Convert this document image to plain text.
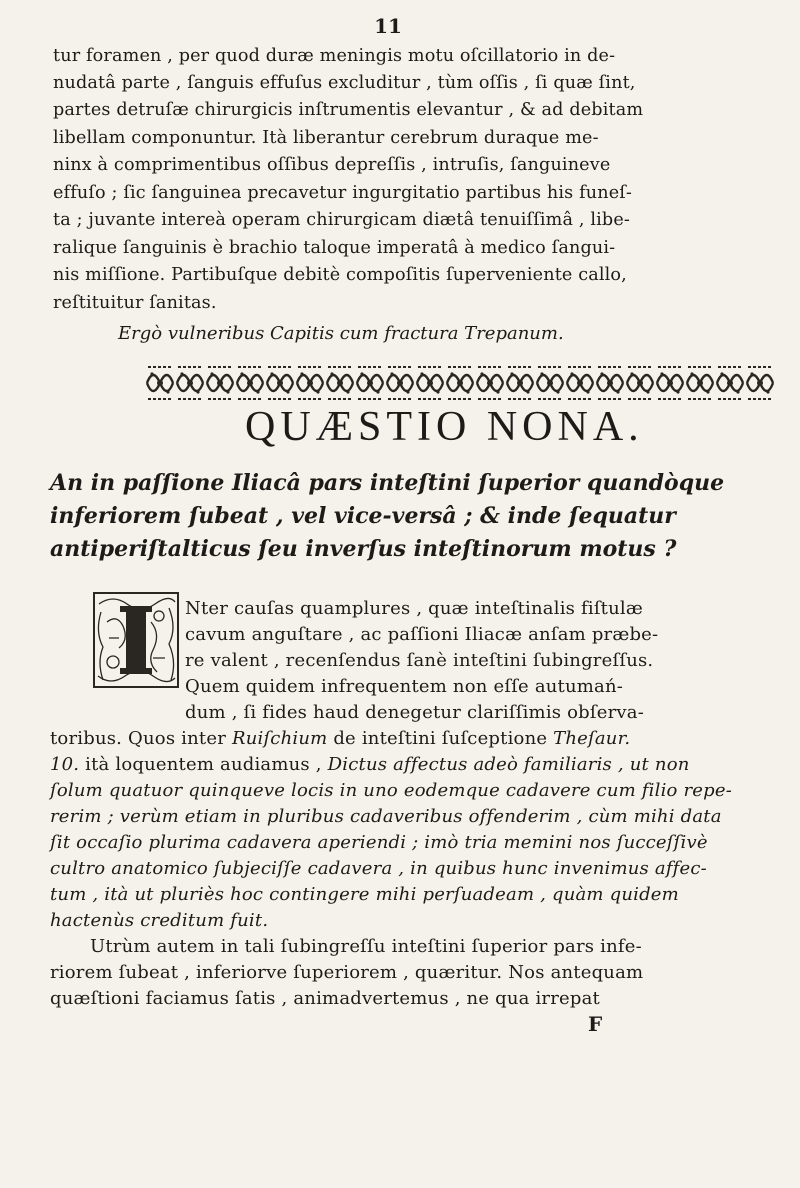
11
tur foramen , per quod duræ meningis motu oſcillatorio in de-
nudatâ parte , ſanguis effuſus excluditur , tùm oſſis , ſi quæ ſint,
partes detruſæ chirurgicis inſtrumentis elevantur , & ad debitam
libellam componuntur. Ità liberantur cerebrum duraque me-
ninx à comprimentibus oſſibus depreſſis , intruſis, ſanguineve
effuſo ; ſic ſanguinea precavetur ingurgitatio partibus his funeſ-
ta ; juvante intereà operam chirurgicam diætâ tenuiſſimâ , libe-
ralique ſanguinis è brachio taloque imperatâ à medico ſangui-
nis miſſione. Partibuſque debitè compoſitis ſuperveniente callo,
reſtituitur ſanitas.
Ergò vulneribus Capitis cum fractura Trepanum.
QUÆSTIO NONA.
An in paſſione Iliacâ pars inteſtini ſuperior quandòque
inferiorem ſubeat , vel vice-versâ ; & inde ſequatur
antiperiſtalticus ſeu inverſus inteſtinorum motus ?
Nter cauſas quamplures , quæ inteſtinalis fiſtulæ
cavum anguſtare , ac paſſioni Iliacæ anſam præbe-
re valent , recenſendus ſanè inteſtini ſubingreſſus.
Quem quidem infrequentem non eſſe autumań-
dum , ſi fides haud denegetur clariſſimis obſerva-
toribus. Quos inter Ruiſchium de inteſtini ſuſceptione Theſaur.
10. ità loquentem audiamus , Dictus affectus adeò familiaris , ut non
ſolum quatuor quinqueve locis in uno eodemque cadavere cum filio repe-
rerim ; verùm etiam in pluribus cadaveribus offenderim , cùm mihi data
ſit occaſio plurima cadavera aperiendi ; imò tria memini nos ſucceſſivè
cultro anatomico ſubjeciſſe cadavera , in quibus hunc invenimus affec-
tum , ità ut pluriès hoc contingere mihi perſuadeam , quàm quidem
hactenùs creditum fuit.
Utrùm autem in tali ſubingreſſu inteſtini ſuperior pars infe-
riorem ſubeat , inferiorve ſuperiorem , quæritur. Nos antequam
quæſtioni faciamus ſatis , animadvertemus , ne qua irrepat
F
